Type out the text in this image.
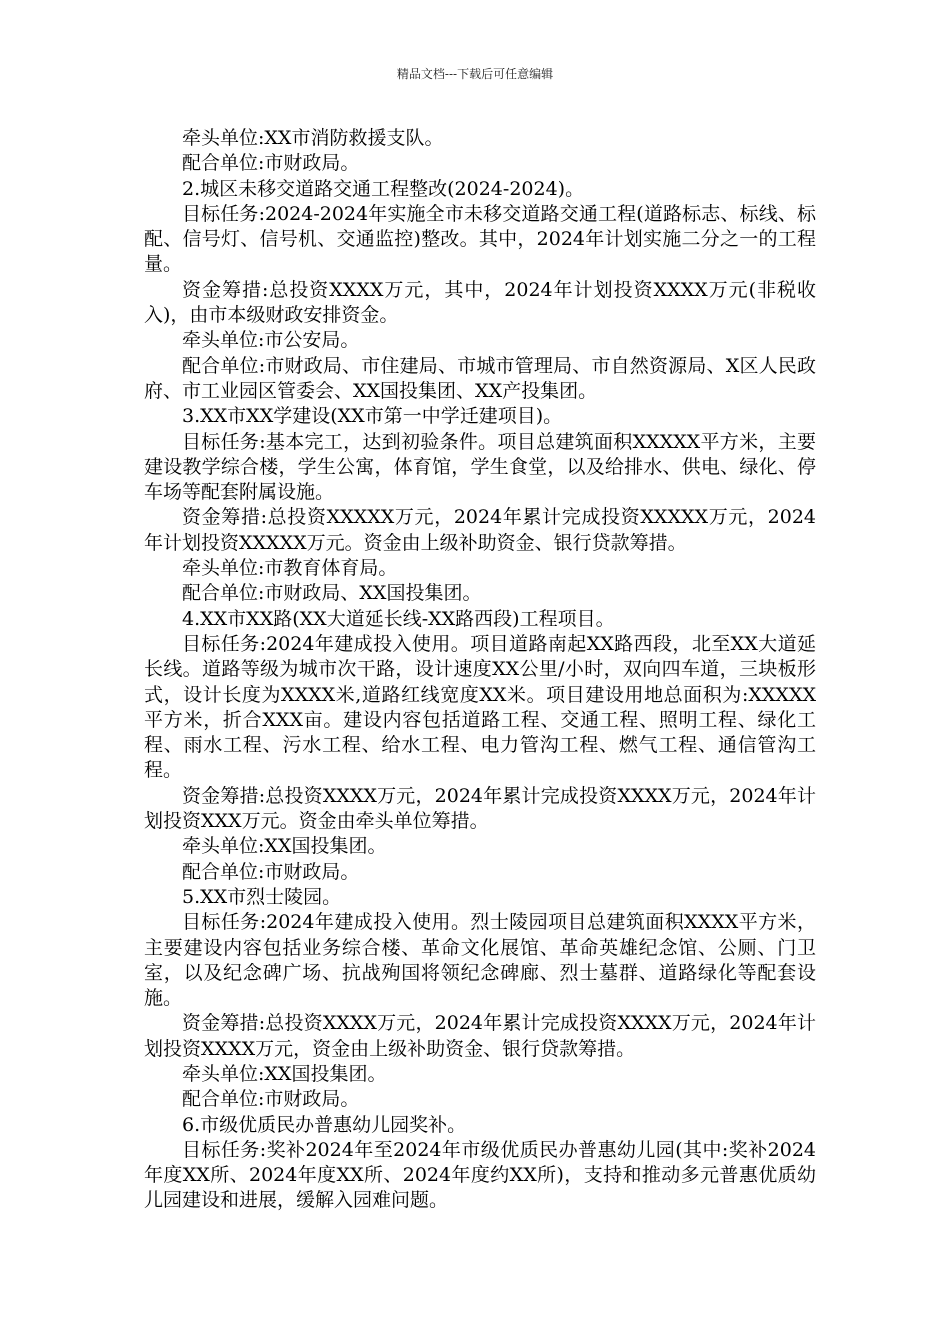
精品文档---下载后可任意编辑

牵头单位:XX市消防救援支队。

配合单位:市财政局。

2.城区未移交道路交通工程整改(2024-2024)。

目标任务:2024-2024年实施全市未移交道路交通工程(道路标志、标线、标配、信号灯、信号机、交通监控)整改。其中，2024年计划实施二分之一的工程量。

资金筹措:总投资XXXX万元，其中，2024年计划投资XXXX万元(非税收入)，由市本级财政安排资金。

牵头单位:市公安局。

配合单位:市财政局、市住建局、市城市管理局、市自然资源局、X区人民政府、市工业园区管委会、XX国投集团、XX产投集团。

3.XX市XX学建设(XX市第一中学迁建项目)。

目标任务:基本完工，达到初验条件。项目总建筑面积XXXXX平方米，主要建设教学综合楼，学生公寓，体育馆，学生食堂，以及给排水、供电、绿化、停车场等配套附属设施。

资金筹措:总投资XXXXX万元，2024年累计完成投资XXXXX万元，2024年计划投资XXXXX万元。资金由上级补助资金、银行贷款筹措。

牵头单位:市教育体育局。

配合单位:市财政局、XX国投集团。

4.XX市XX路(XX大道延长线-XX路西段)工程项目。

目标任务:2024年建成投入使用。项目道路南起XX路西段，北至XX大道延长线。道路等级为城市次干路，设计速度XX公里/小时，双向四车道，三块板形式，设计长度为XXXX米,道路红线宽度XX米。项目建设用地总面积为:XXXXX平方米，折合XXX亩。建设内容包括道路工程、交通工程、照明工程、绿化工程、雨水工程、污水工程、给水工程、电力管沟工程、燃气工程、通信管沟工程。

资金筹措:总投资XXXX万元，2024年累计完成投资XXXX万元，2024年计划投资XXX万元。资金由牵头单位筹措。

牵头单位:XX国投集团。

配合单位:市财政局。

5.XX市烈士陵园。

目标任务:2024年建成投入使用。烈士陵园项目总建筑面积XXXX平方米，主要建设内容包括业务综合楼、革命文化展馆、革命英雄纪念馆、公厕、门卫室，以及纪念碑广场、抗战殉国将领纪念碑廊、烈士墓群、道路绿化等配套设施。

资金筹措:总投资XXXX万元，2024年累计完成投资XXXX万元，2024年计划投资XXXX万元，资金由上级补助资金、银行贷款筹措。

牵头单位:XX国投集团。

配合单位:市财政局。

6.市级优质民办普惠幼儿园奖补。

目标任务:奖补2024年至2024年市级优质民办普惠幼儿园(其中:奖补2024年度XX所、2024年度XX所、2024年度约XX所)，支持和推动多元普惠优质幼儿园建设和进展，缓解入园难问题。
